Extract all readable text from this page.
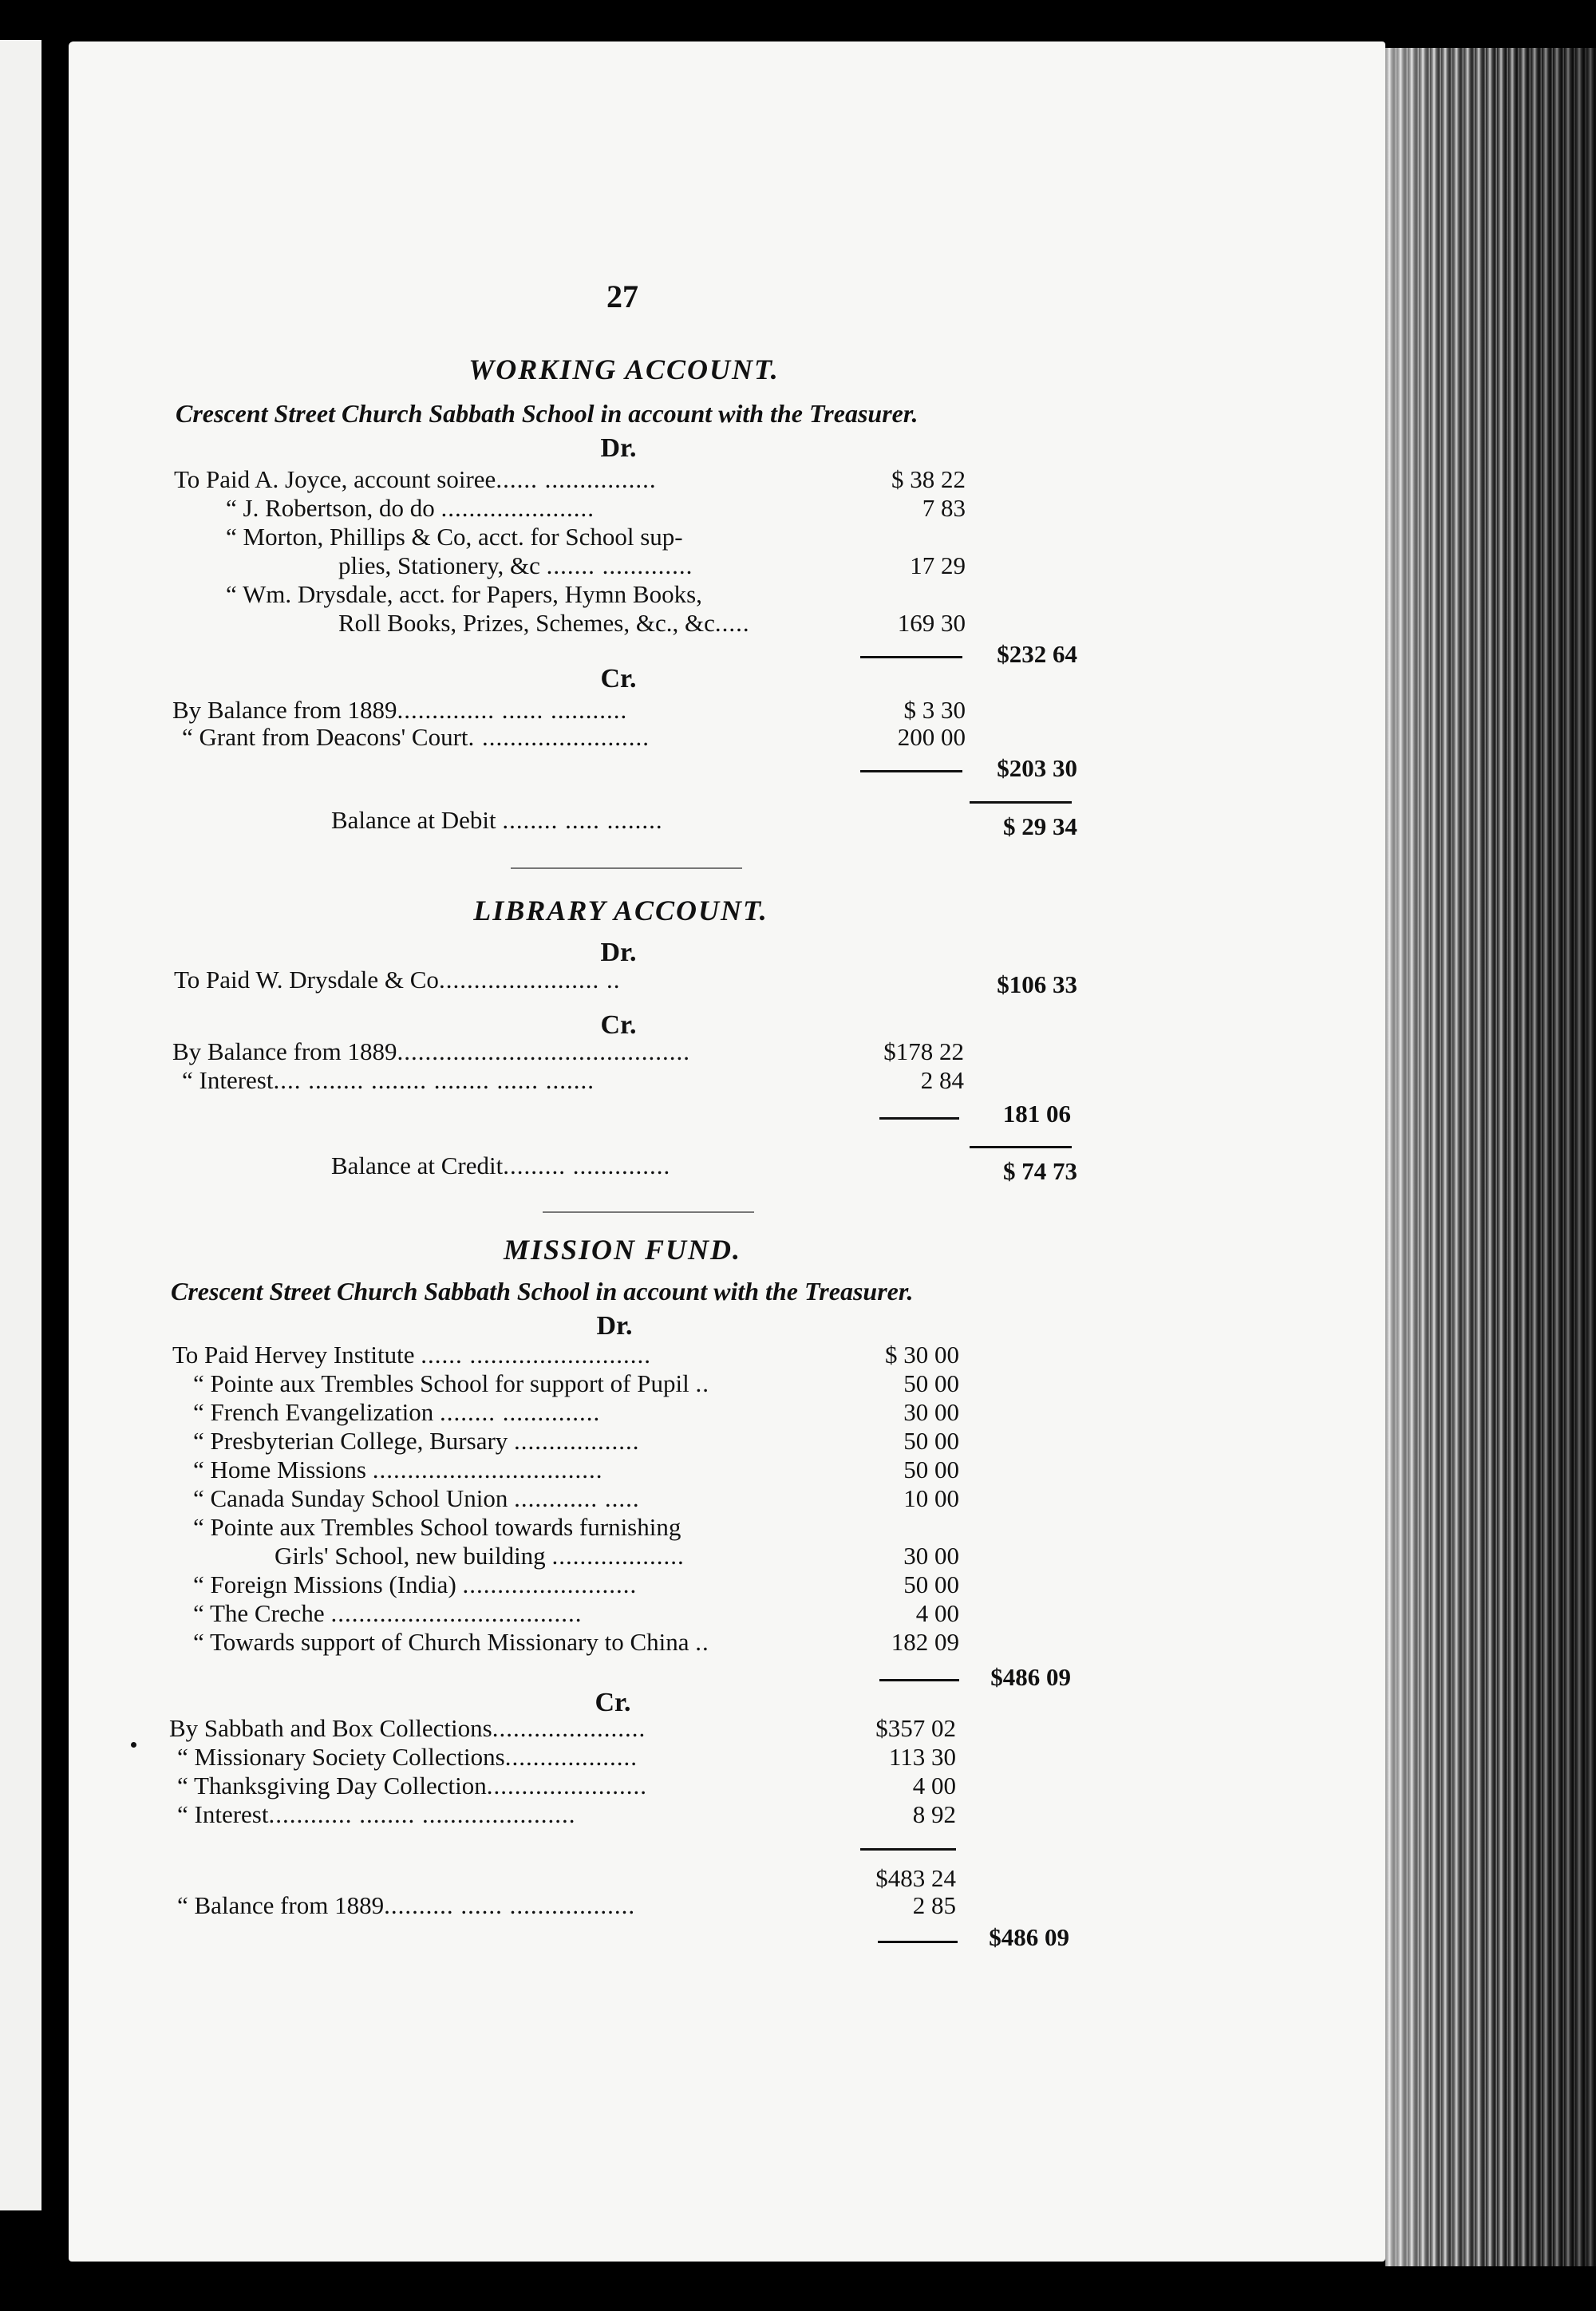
27
WORKING ACCOUNT.
Crescent Street Church Sabbath School in account with the Treasurer.
Dr.
To Paid A. Joyce, account soiree...... ................	$ 38 22
“ J. Robertson, do do ......................	7 83
“ Morton, Phillips & Co, acct. for School sup-
plies, Stationery, &c ....... .............	17 29
“ Wm. Drysdale, acct. for Papers, Hymn Books,
Roll Books, Prizes, Schemes, &c., &c.....	169 30
$232 64
Cr.
By Balance from 1889.............. ...... ...........	$ 3 30
“ Grant from Deacons' Court. ........................	200 00
$203 30
Balance at Debit ........ ..... ........	$ 29 34
LIBRARY ACCOUNT.
Dr.
To Paid W. Drysdale & Co....................... ..	$106 33
Cr.
By Balance from 1889..........................................	$178 22
“ Interest.... ........ ........ ........ ...... .......	2 84
181 06
Balance at Credit......... ..............	$ 74 73
MISSION FUND.
Crescent Street Church Sabbath School in account with the Treasurer.
Dr.
To Paid Hervey Institute ...... ..........................	$ 30 00
“ Pointe aux Trembles School for support of Pupil ..	50 00
“ French Evangelization ........ ..............	30 00
“ Presbyterian College, Bursary ..................	50 00
“ Home Missions .................................	50 00
“ Canada Sunday School Union ............ .....	10 00
“ Pointe aux Trembles School towards furnishing
Girls' School, new building ...................	30 00
“ Foreign Missions (India) .........................	50 00
“ The Creche ....................................	4 00
“ Towards support of Church Missionary to China ..	182 09
$486 09
Cr.
By Sabbath and Box Collections......................	$357 02
“ Missionary Society Collections...................	113 30
“ Thanksgiving Day Collection.......................	4 00
“ Interest............ ........ ......................	8 92
$483 24
“ Balance from 1889.......... ...... ..................	2 85
$486 09
